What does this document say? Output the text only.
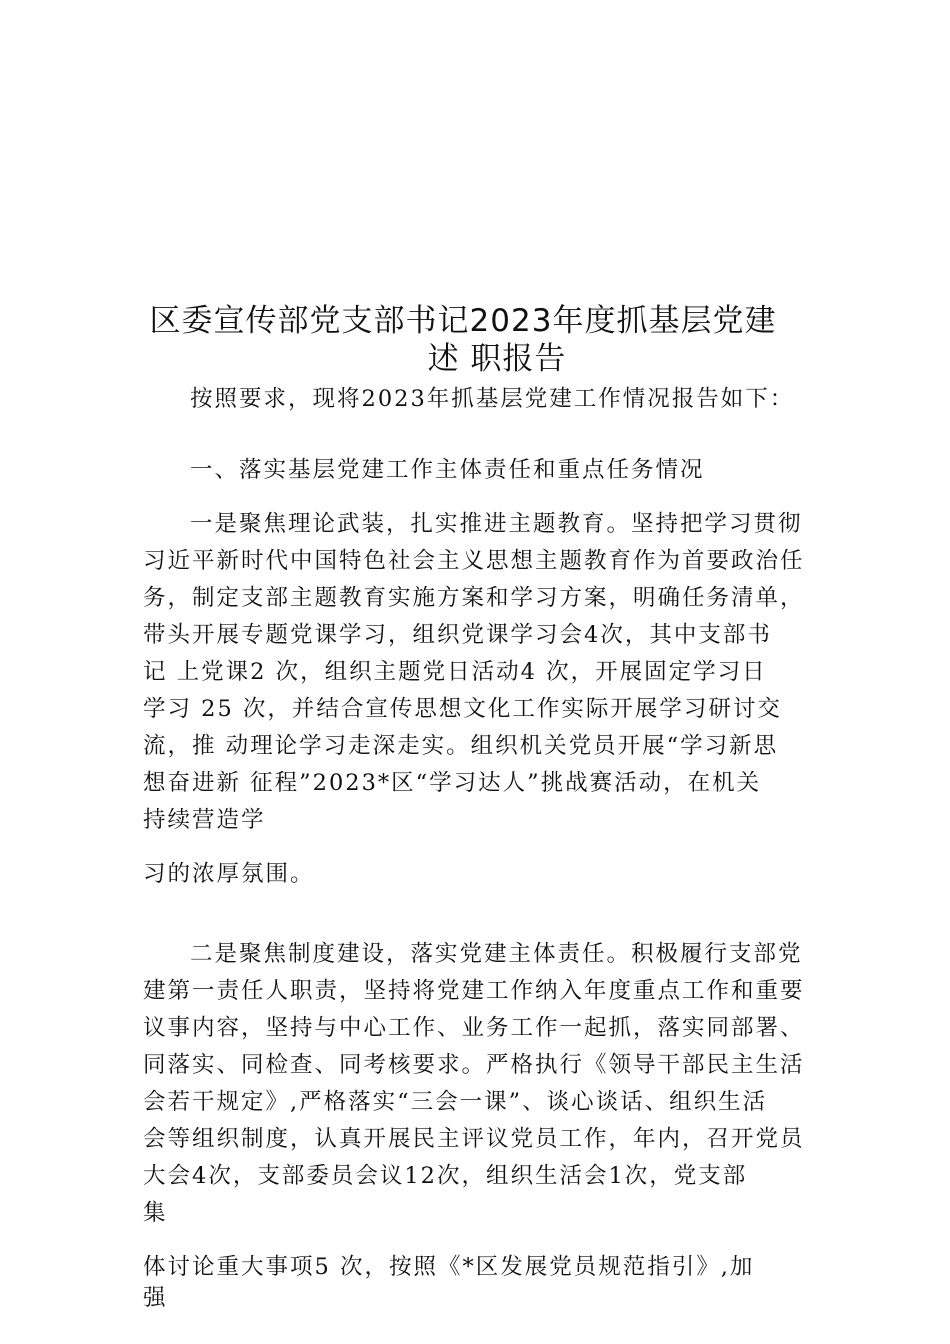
区委宣传部党支部书记2023年度抓基层党建
述 职报告
按照要求，现将2023年抓基层党建工作情况报告如下：
一、落实基层党建工作主体责任和重点任务情况
一是聚焦理论武装，扎实推进主题教育。坚持把学习贯彻
习近平新时代中国特色社会主义思想主题教育作为首要政治任
务，制定支部主题教育实施方案和学习方案，明确任务清单，
带头开展专题党课学习，组织党课学习会4次，其中支部书
记 上党课2 次，组织主题党日活动4 次，开展固定学习日
学习 25 次，并结合宣传思想文化工作实际开展学习研讨交
流，推 动理论学习走深走实。组织机关党员开展“学习新思
想奋进新 征程”2023*区“学习达人”挑战赛活动，在机关
持续营造学
习的浓厚氛围。
二是聚焦制度建设，落实党建主体责任。积极履行支部党
建第一责任人职责，坚持将党建工作纳入年度重点工作和重要
议事内容，坚持与中心工作、业务工作一起抓，落实同部署、
同落实、同检查、同考核要求。严格执行《领导干部民主生活
会若干规定》,严格落实“三会一课”、谈心谈话、组织生活
会等组织制度，认真开展民主评议党员工作，年内，召开党员
大会4次，支部委员会议12次，组织生活会1次，党支部
集
体讨论重大事项5 次，按照《*区发展党员规范指引》,加
强
